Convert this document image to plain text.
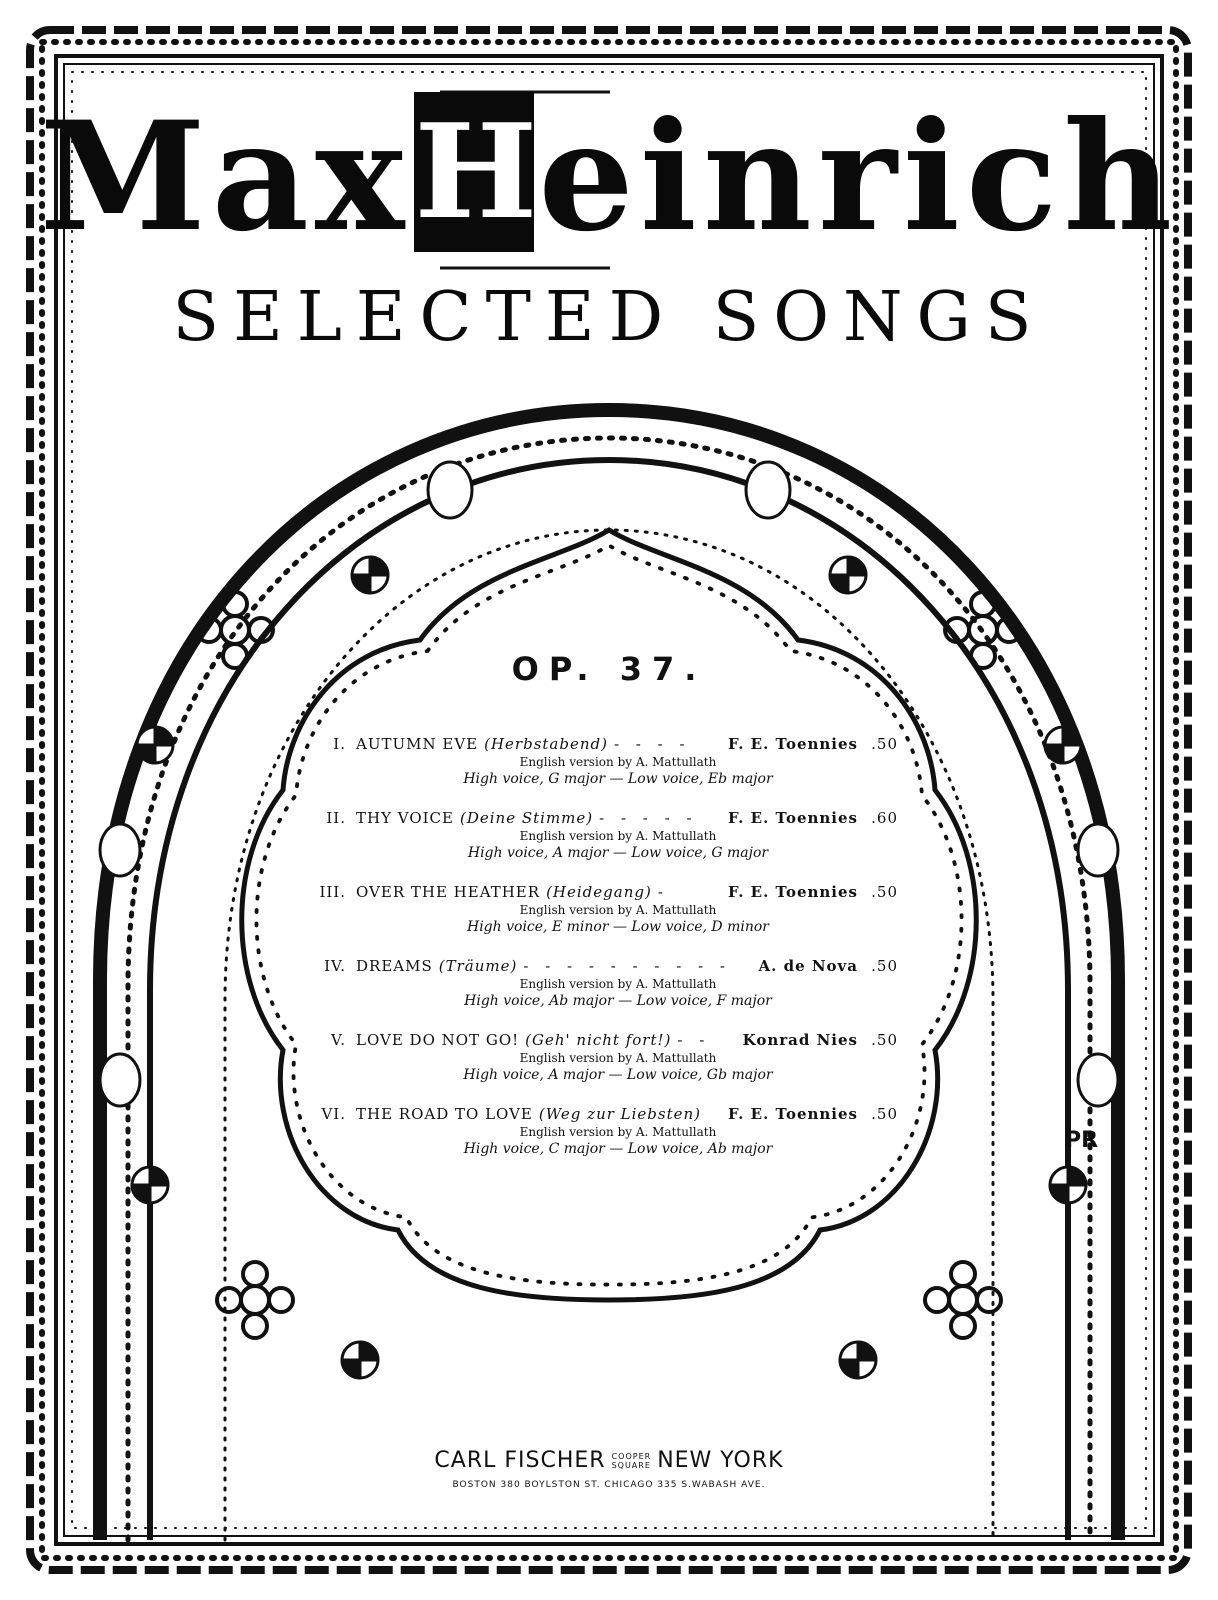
MaxHeinrich
SELECTED SONGS
OP. 37.
I. AUTUMN EVE (Herbstabend) - - - -	F. E. Toennies .50
English version by A. Mattullath
High voice, G major — Low voice, Eb major
II. THY VOICE (Deine Stimme) - - - - -	F. E. Toennies .60
English version by A. Mattullath
High voice, A major — Low voice, G major
III. OVER THE HEATHER (Heidegang) -	F. E. Toennies .50
English version by A. Mattullath
High voice, E minor — Low voice, D minor
IV. DREAMS (Träume) - - - - - - - - - -	A. de Nova .50
English version by A. Mattullath
High voice, Ab major — Low voice, F major
V. LOVE DO NOT GO! (Geh' nicht fort!) - -	Konrad Nies .50
English version by A. Mattullath
High voice, A major — Low voice, Gb major
VI. THE ROAD TO LOVE (Weg zur Liebsten) F. E. Toennies .50
English version by A. Mattullath
High voice, C major — Low voice, Ab major
CARL FISCHER COOPER
SQUARE NEW YORK
BOSTON 380 BOYLSTON ST. CHICAGO 335 S.WABASH AVE.
PR
